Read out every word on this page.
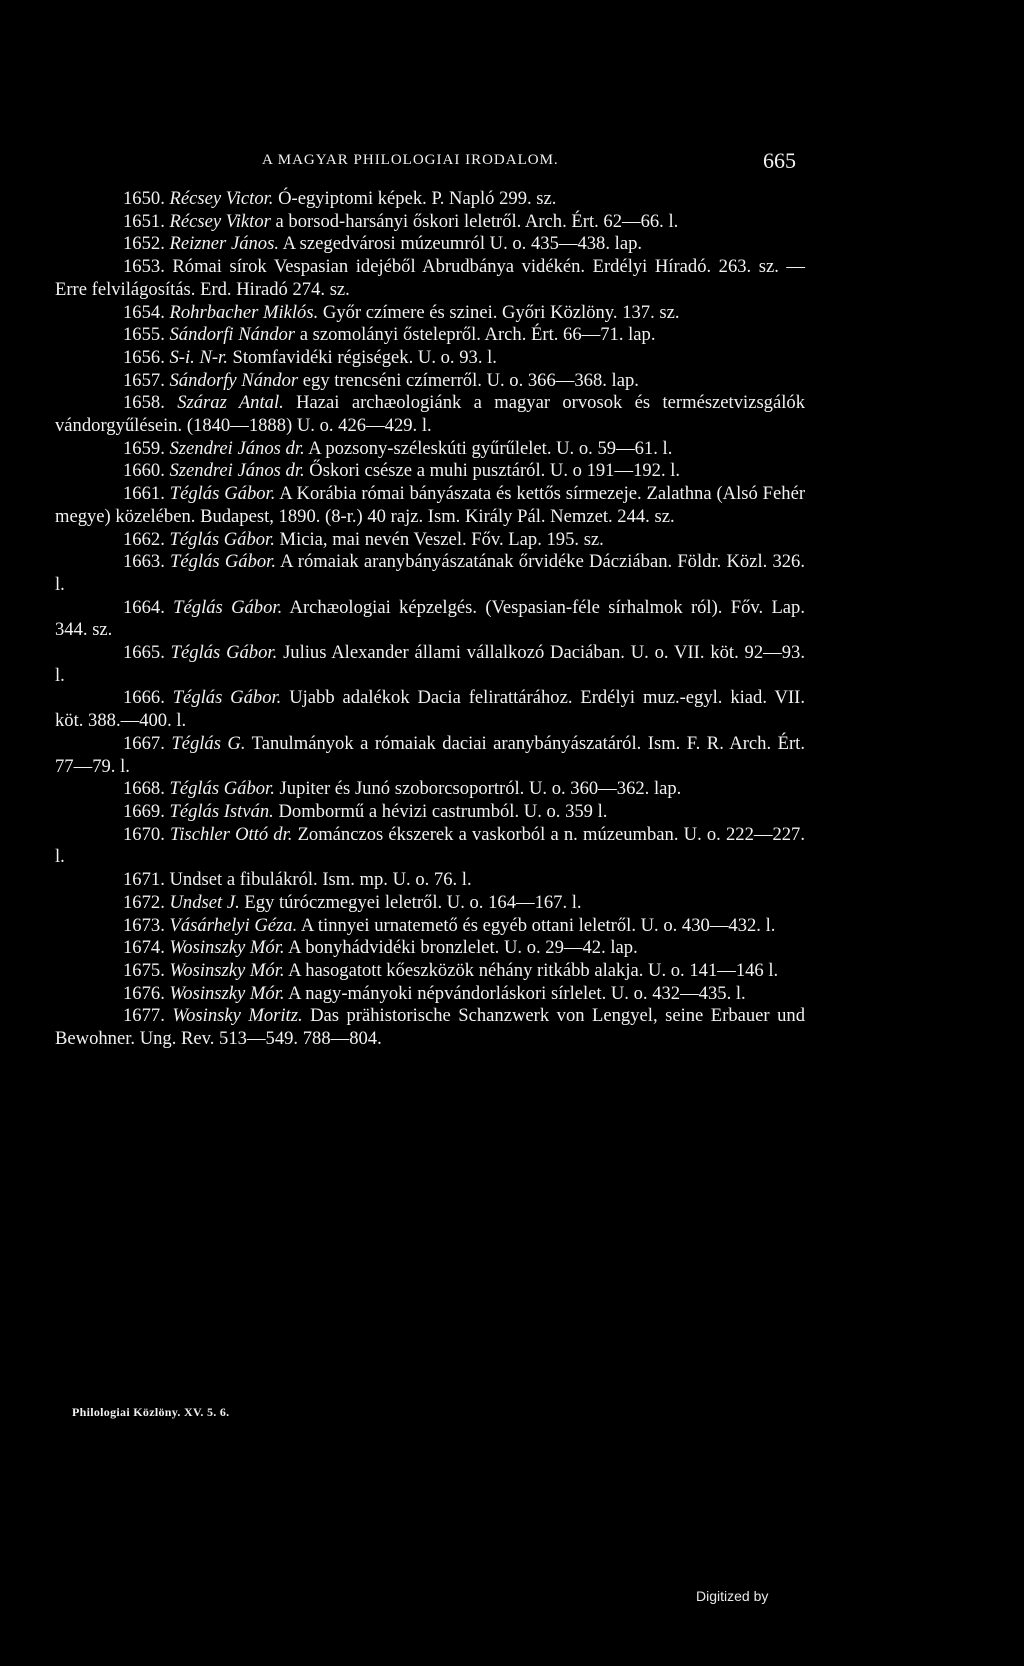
A MAGYAR PHILOLOGIAI IRODALOM.	665

1650. Récsey Victor. Ó-egyiptomi képek. P. Napló 299. sz.

1651. Récsey Viktor a borsod-harsányi őskori leletről. Arch. Ért. 62—66. l.

1652. Reizner János. A szegedvárosi múzeumról U. o. 435—438. lap.

1653. Római sírok Vespasian idejéből Abrudbánya vidékén. Erdélyi Híradó. 263. sz. — Erre felvilágosítás. Erd. Hiradó 274. sz.

1654. Rohrbacher Miklós. Győr czímere és szinei. Győri Közlöny. 137. sz.

1655. Sándorfi Nándor a szomolányi őstelepről. Arch. Ért. 66—71. lap.

1656. S-i. N-r. Stomfavidéki régiségek. U. o. 93. l.

1657. Sándorfy Nándor egy trencséni czímerről. U. o. 366—368. lap.

1658. Száraz Antal. Hazai archæologiánk a magyar orvosok és természetvizsgálók vándorgyűlésein. (1840—1888) U. o. 426—429. l.

1659. Szendrei János dr. A pozsony-széleskúti gyűrűlelet. U. o. 59—61. l.

1660. Szendrei János dr. Őskori csésze a muhi pusztáról. U. o 191—192. l.

1661. Téglás Gábor. A Korábia római bányászata és kettős sírmezeje. Zalathna (Alsó Fehér megye) közelében. Budapest, 1890. (8-r.) 40 rajz. Ism. Király Pál. Nemzet. 244. sz.

1662. Téglás Gábor. Micia, mai nevén Veszel. Főv. Lap. 195. sz.

1663. Téglás Gábor. A rómaiak aranybányászatának őrvidéke Dácziában. Földr. Közl. 326. l.

1664. Téglás Gábor. Archæologiai képzelgés. (Vespasian-féle sírhalmok ról). Főv. Lap. 344. sz.

1665. Téglás Gábor. Julius Alexander állami vállalkozó Daciában. U. o. VII. köt. 92—93. l.

1666. Téglás Gábor. Ujabb adalékok Dacia felirattárához. Erdélyi muz.-egyl. kiad. VII. köt. 388.—400. l.

1667. Téglás G. Tanulmányok a rómaiak daciai aranybányászatáról. Ism. F. R. Arch. Ért. 77—79. l.

1668. Téglás Gábor. Jupiter és Junó szoborcsoportról. U. o. 360—362. lap.

1669. Téglás István. Dombormű a hévizi castrumból. U. o. 359 l.

1670. Tischler Ottó dr. Zománczos ékszerek a vaskorból a n. múzeumban. U. o. 222—227. l.

1671. Undset a fibulákról. Ism. mp. U. o. 76. l.

1672. Undset J. Egy túróczmegyei leletről. U. o. 164—167. l.

1673. Vásárhelyi Géza. A tinnyei urnatemető és egyéb ottani leletről. U. o. 430—432. l.

1674. Wosinszky Mór. A bonyhádvidéki bronzlelet. U. o. 29—42. lap.

1675. Wosinszky Mór. A hasogatott kőeszközök néhány ritkább alakja. U. o. 141—146 l.

1676. Wosinszky Mór. A nagy-mányoki népvándorláskori sírlelet. U. o. 432—435. l.

1677. Wosinsky Moritz. Das prähistorische Schanzwerk von Lengyel, seine Erbauer und Bewohner. Ung. Rev. 513—549. 788—804.

Philologiai Közlöny. XV. 5. 6.
Digitized by
